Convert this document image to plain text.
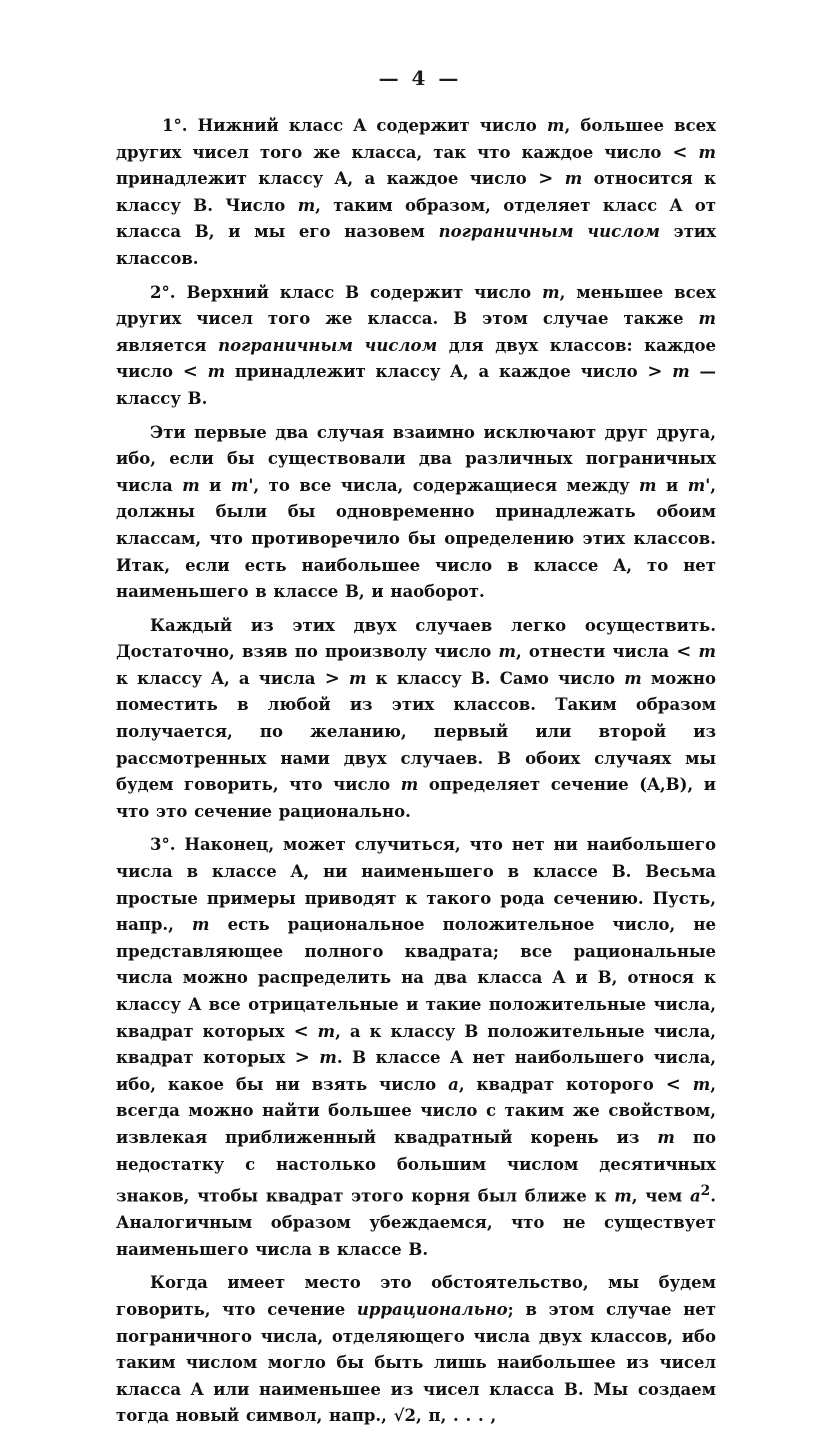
— 4 —

1°. Нижний класс A содержит число m, большее всех других чисел того же класса, так что каждое число < m принадлежит классу A, а каждое число > m относится к классу B. Число m, таким образом, отделяет класс A от класса B, и мы его назовем пограничным числом этих классов.

2°. Верхний класс B содержит число m, меньшее всех других чисел того же класса. В этом случае также m является пограничным числом для двух классов: каждое число < m принадлежит классу A, а каждое число > m — классу B.

Эти первые два случая взаимно исключают друг друга, ибо, если бы существовали два различных пограничных числа m и m', то все числа, содержащиеся между m и m', должны были бы одновременно принадлежать обоим классам, что противоречило бы определению этих классов. Итак, если есть наибольшее число в классе A, то нет наименьшего в классе B, и наоборот.

Каждый из этих двух случаев легко осуществить. Достаточно, взяв по произволу число m, отнести числа < m к классу A, а числа > m к классу B. Само число m можно поместить в любой из этих классов. Таким образом получается, по желанию, первый или второй из рассмотренных нами двух случаев. В обоих случаях мы будем говорить, что число m определяет сечение (A,B), и что это сечение рационально.

3°. Наконец, может случиться, что нет ни наибольшего числа в классе A, ни наименьшего в классе B. Весьма простые примеры приводят к такого рода сечению. Пусть, напр., m есть рациональное положительное число, не представляющее полного квадрата; все рациональные числа можно распределить на два класса A и B, относя к классу A все отрицательные и такие положительные числа, квадрат которых < m, а к классу B положительные числа, квадрат которых > m. В классе A нет наибольшего числа, ибо, какое бы ни взять число a, квадрат которого < m, всегда можно найти большее число с таким же свойством, извлекая приближенный квадратный корень из m по недостатку с настолько большим числом десятичных знаков, чтобы квадрат этого корня был ближе к m, чем $a^2$. Аналогичным образом убеждаемся, что не существует наименьшего числа в классе B.

Когда имеет место это обстоятельство, мы будем говорить, что сечение иррационально; в этом случае нет пограничного числа, отделяющего числа двух классов, ибо таким числом могло бы быть лишь наибольшее из чисел класса A или наименьшее из чисел класса B. Мы создаем тогда новый символ, напр., √2, π, . . . ,
